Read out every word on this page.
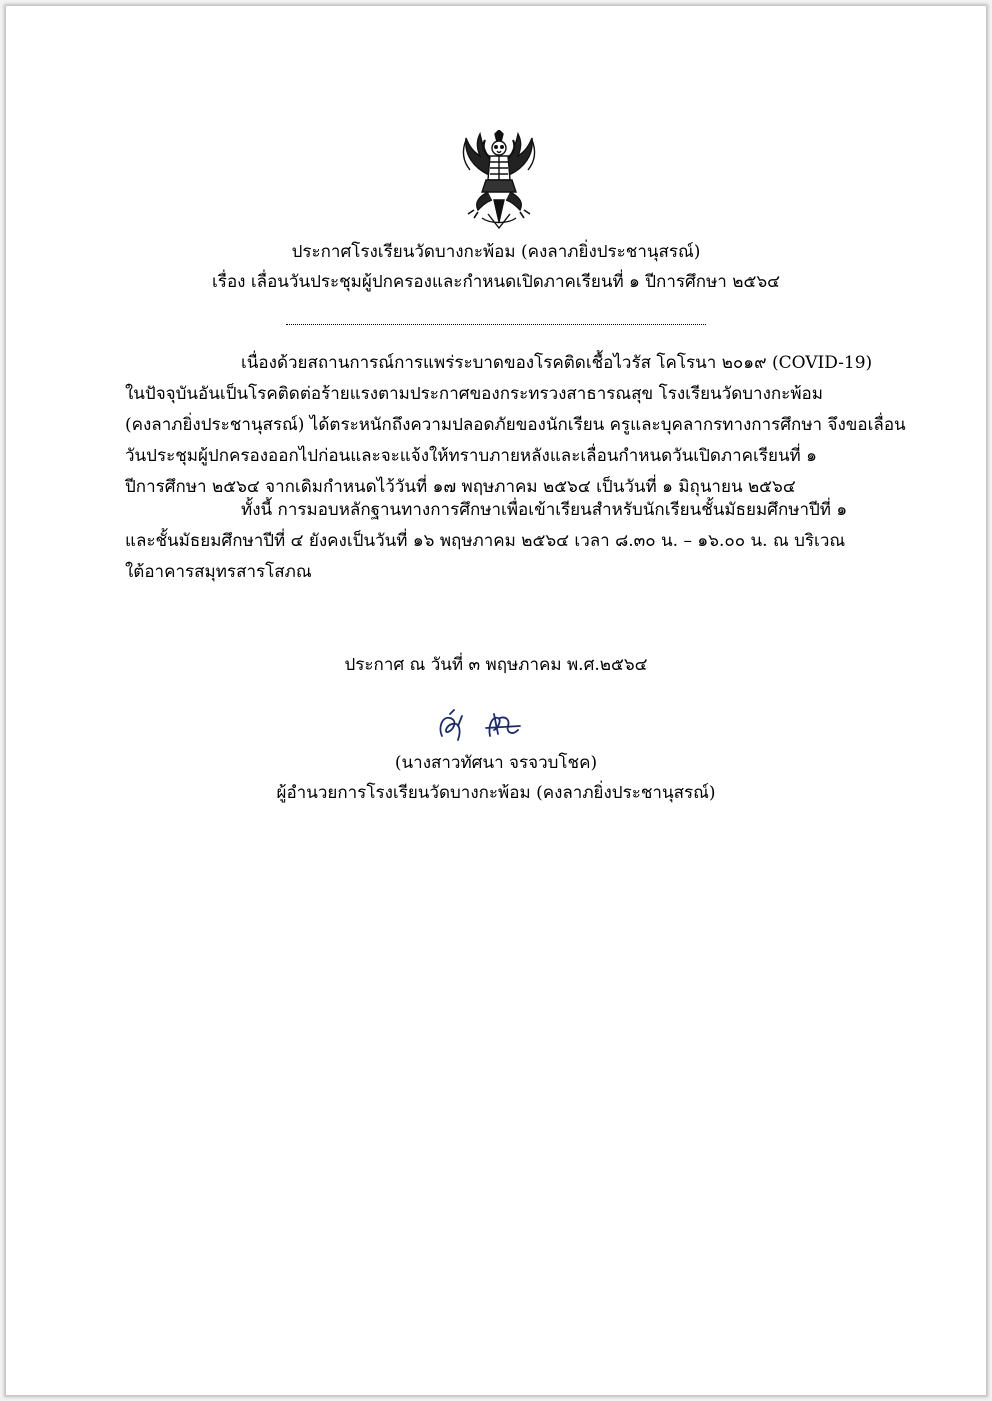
ประกาศโรงเรียนวัดบางกะพ้อม (คงลาภยิ่งประชานุสรณ์)
เรื่อง เลื่อนวันประชุมผู้ปกครองและกำหนดเปิดภาคเรียนที่ ๑ ปีการศึกษา ๒๕๖๔
เนื่องด้วยสถานการณ์การแพร่ระบาดของโรคติดเชื้อไวรัส โคโรนา ๒๐๑๙ (COVID-19)
ในปัจจุบันอันเป็นโรคติดต่อร้ายแรงตามประกาศของกระทรวงสาธารณสุข โรงเรียนวัดบางกะพ้อม
(คงลาภยิ่งประชานุสรณ์) ได้ตระหนักถึงความปลอดภัยของนักเรียน ครูและบุคลากรทางการศึกษา จึงขอเลื่อน
วันประชุมผู้ปกครองออกไปก่อนและจะแจ้งให้ทราบภายหลังและเลื่อนกำหนดวันเปิดภาคเรียนที่ ๑
ปีการศึกษา ๒๕๖๔ จากเดิมกำหนดไว้วันที่ ๑๗ พฤษภาคม ๒๕๖๔ เป็นวันที่ ๑ มิถุนายน ๒๕๖๔
ทั้งนี้ การมอบหลักฐานทางการศึกษาเพื่อเข้าเรียนสำหรับนักเรียนชั้นมัธยมศึกษาปีที่ ๑
และชั้นมัธยมศึกษาปีที่ ๔ ยังคงเป็นวันที่ ๑๖ พฤษภาคม ๒๕๖๔ เวลา ๘.๓๐ น. – ๑๖.๐๐ น. ณ บริเวณ
ใต้อาคารสมุทรสารโสภณ
ประกาศ ณ วันที่ ๓ พฤษภาคม พ.ศ.๒๕๖๔
(นางสาวทัศนา จรจวบโชค)
ผู้อำนวยการโรงเรียนวัดบางกะพ้อม (คงลาภยิ่งประชานุสรณ์)
